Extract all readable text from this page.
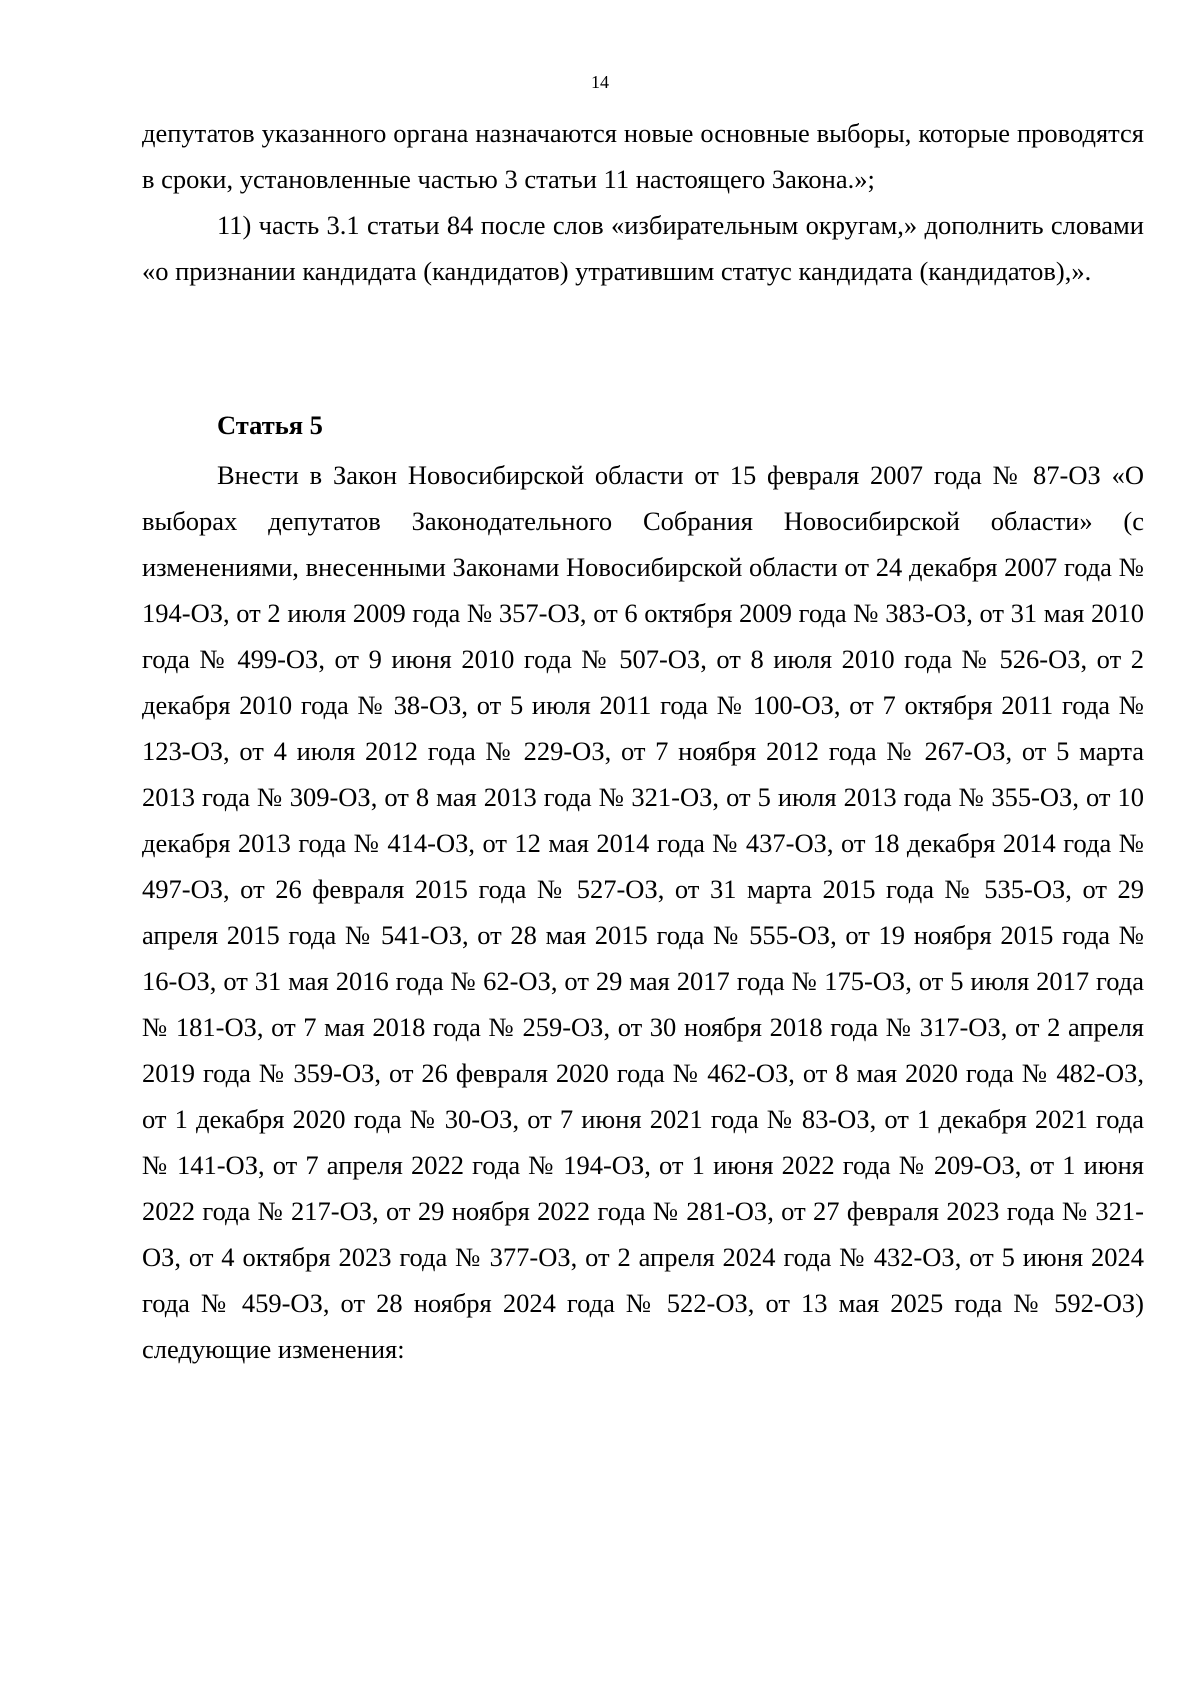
14

депутатов указанного органа назначаются новые основные выборы, которые проводятся в сроки, установленные частью 3 статьи 11 настоящего Закона.»;

11) часть 3.1 статьи 84 после слов «избирательным округам,» дополнить словами «о признании кандидата (кандидатов) утратившим статус кандидата (кандидатов),».

Статья 5

Внести в Закон Новосибирской области от 15 февраля 2007 года № 87-ОЗ «О выборах депутатов Законодательного Собрания Новосибирской области» (с изменениями, внесенными Законами Новосибирской области от 24 декабря 2007 года № 194-ОЗ, от 2 июля 2009 года № 357-ОЗ, от 6 октября 2009 года № 383-ОЗ, от 31 мая 2010 года № 499-ОЗ, от 9 июня 2010 года № 507-ОЗ, от 8 июля 2010 года № 526-ОЗ, от 2 декабря 2010 года № 38-ОЗ, от 5 июля 2011 года № 100-ОЗ, от 7 октября 2011 года № 123-ОЗ, от 4 июля 2012 года № 229-ОЗ, от 7 ноября 2012 года № 267-ОЗ, от 5 марта 2013 года № 309-ОЗ, от 8 мая 2013 года № 321-ОЗ, от 5 июля 2013 года № 355-ОЗ, от 10 декабря 2013 года № 414-ОЗ, от 12 мая 2014 года № 437-ОЗ, от 18 декабря 2014 года № 497-ОЗ, от 26 февраля 2015 года № 527-ОЗ, от 31 марта 2015 года № 535-ОЗ, от 29 апреля 2015 года № 541-ОЗ, от 28 мая 2015 года № 555-ОЗ, от 19 ноября 2015 года № 16-ОЗ, от 31 мая 2016 года № 62-ОЗ, от 29 мая 2017 года № 175-ОЗ, от 5 июля 2017 года № 181-ОЗ, от 7 мая 2018 года № 259-ОЗ, от 30 ноября 2018 года № 317-ОЗ, от 2 апреля 2019 года № 359-ОЗ, от 26 февраля 2020 года № 462-ОЗ, от 8 мая 2020 года № 482-ОЗ, от 1 декабря 2020 года № 30-ОЗ, от 7 июня 2021 года № 83-ОЗ, от 1 декабря 2021 года № 141-ОЗ, от 7 апреля 2022 года № 194-ОЗ, от 1 июня 2022 года № 209-ОЗ, от 1 июня 2022 года № 217-ОЗ, от 29 ноября 2022 года № 281-ОЗ, от 27 февраля 2023 года № 321-ОЗ, от 4 октября 2023 года № 377-ОЗ, от 2 апреля 2024 года № 432-ОЗ, от 5 июня 2024 года № 459-ОЗ, от 28 ноября 2024 года № 522-ОЗ, от 13 мая 2025 года № 592-ОЗ) следующие изменения:
